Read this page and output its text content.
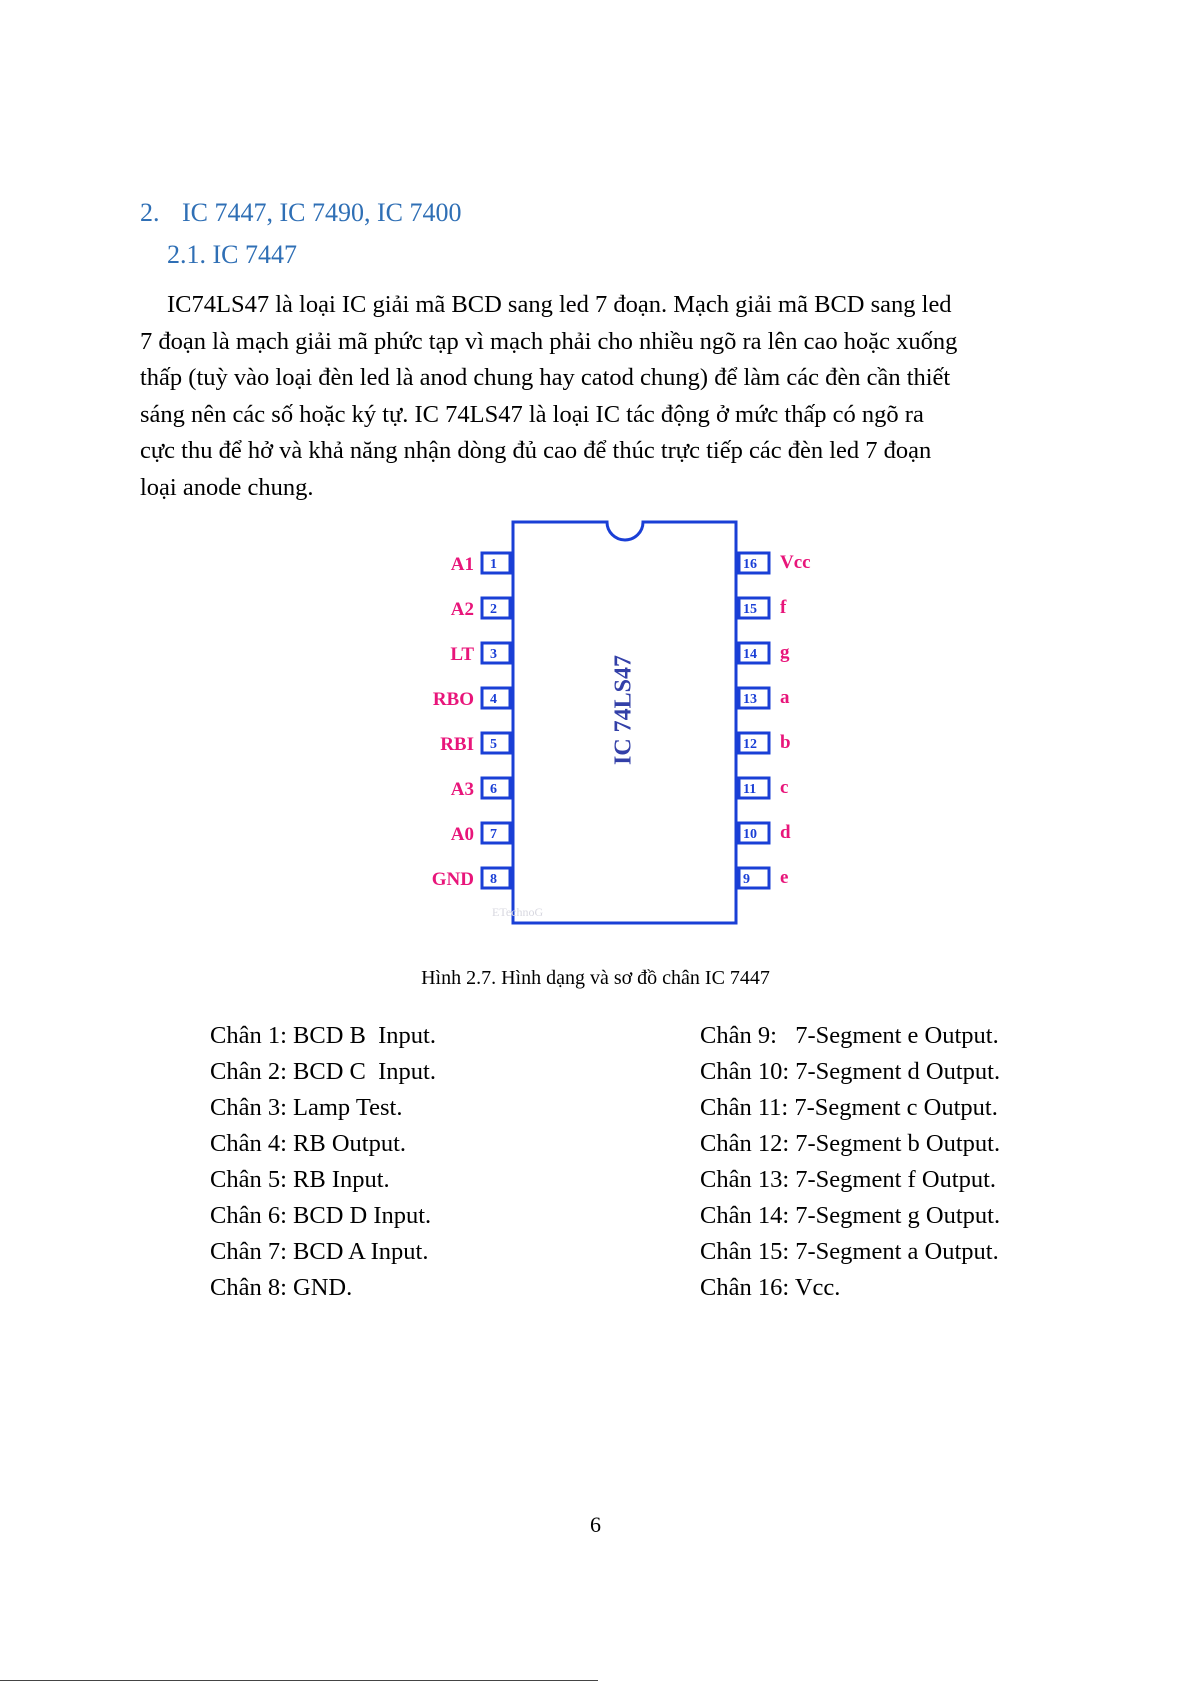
2. IC 7447, IC 7490, IC 7400
2.1. IC 7447

IC74LS47 là loại IC giải mã BCD sang led 7 đoạn. Mạch giải mã BCD sang led
7 đoạn là mạch giải mã phức tạp vì mạch phải cho nhiều ngõ ra lên cao hoặc xuống
thấp (tuỳ vào loại đèn led là anod chung hay catod chung) để làm các đèn cần thiết
sáng nên các số hoặc ký tự. IC 74LS47 là loại IC tác động ở mức thấp có ngõ ra
cực thu để hở và khả năng nhận dòng đủ cao để thúc trực tiếp các đèn led 7 đoạn
loại anode chung.

IC 74LS47
ETechnoG
1
A1
2
A2
3
LT
4
RBO
5
RBI
6
A3
7
A0
8
GND
16 Vcc
15 f
14 g
13 a
12 b
11 c
10 d
9 e
Hình 2.7. Hình dạng và sơ đồ chân IC 7447
Chân 1: BCD B  Input.
Chân 2: BCD C  Input.
Chân 3: Lamp Test.
Chân 4: RB Output.
Chân 5: RB Input.
Chân 6: BCD D Input.
Chân 7: BCD A Input.
Chân 8: GND.
Chân 9:   7-Segment e Output.
Chân 10: 7-Segment d Output.
Chân 11: 7-Segment c Output.
Chân 12: 7-Segment b Output.
Chân 13: 7-Segment f Output.
Chân 14: 7-Segment g Output.
Chân 15: 7-Segment a Output.
Chân 16: Vcc.
6
